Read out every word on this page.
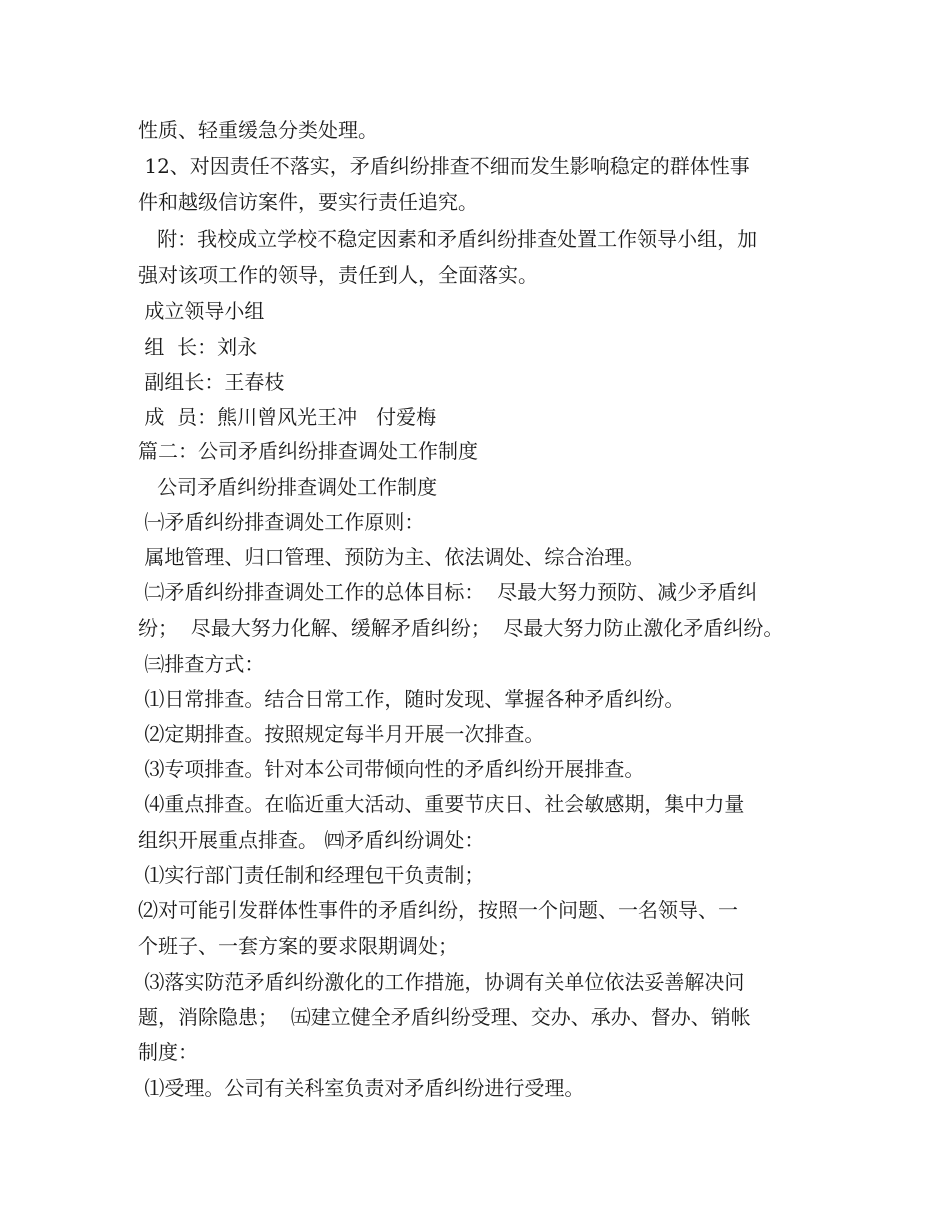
性质、轻重缓急分类处理。
12、对因责任不落实，矛盾纠纷排查不细而发生影响稳定的群体性事
件和越级信访案件，要实行责任追究。
附：我校成立学校不稳定因素和矛盾纠纷排查处置工作领导小组，加
强对该项工作的领导，责任到人，全面落实。
成立领导小组
组  长：刘永
副组长：王春枝
成  员：熊川曾风光王冲   付爱梅
篇二：公司矛盾纠纷排查调处工作制度
公司矛盾纠纷排查调处工作制度
㈠矛盾纠纷排查调处工作原则：
属地管理、归口管理、预防为主、依法调处、综合治理。
㈡矛盾纠纷排查调处工作的总体目标：  尽最大努力预防、减少矛盾纠
纷；  尽最大努力化解、缓解矛盾纠纷；  尽最大努力防止激化矛盾纠纷。
㈢排查方式：
⑴日常排查。结合日常工作，随时发现、掌握各种矛盾纠纷。
⑵定期排查。按照规定每半月开展一次排查。
⑶专项排查。针对本公司带倾向性的矛盾纠纷开展排查。
⑷重点排查。在临近重大活动、重要节庆日、社会敏感期，集中力量
组织开展重点排查。 ㈣矛盾纠纷调处：
⑴实行部门责任制和经理包干负责制；
⑵对可能引发群体性事件的矛盾纠纷，按照一个问题、一名领导、一
个班子、一套方案的要求限期调处；
⑶落实防范矛盾纠纷激化的工作措施，协调有关单位依法妥善解决问
题，消除隐患；  ㈤建立健全矛盾纠纷受理、交办、承办、督办、销帐
制度：
⑴受理。公司有关科室负责对矛盾纠纷进行受理。
